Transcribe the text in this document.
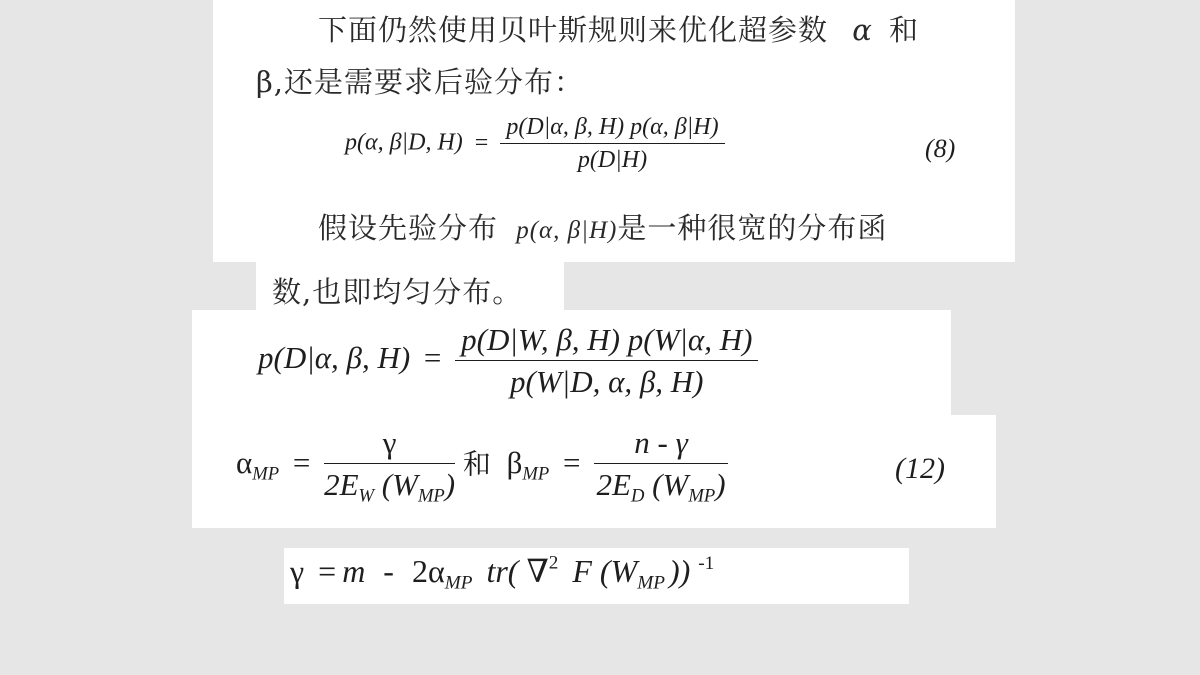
下面仍然使用贝叶斯规则来优化超参数 α 和
β,还是需要求后验分布：
p(α, β|D, $H) = \frac{p(D|\alpha, \beta, H) p(\alpha, \beta|H)}{p(D|H)}$	(8)
假设先验分布 p(α, β|H)是一种很宽的分布函
数,也即均匀分布。
p(D|α, β, $H) = \frac{p(D|W, \beta, H) p(W|\alpha, H)}{p(W|D, \alpha, \beta, H)}$
$\alpha_{MP} = \frac{\gamma}{2E_W (W_{MP})}$ 和 $\beta_{MP} = \frac{n - \gamma}{2E_D (W_{MP})}$	(12)
$\gamma = m - 2\alpha_{MP}$ tr( ∇$^2$ F ($W_{MP}$ )) $^{-1}$
